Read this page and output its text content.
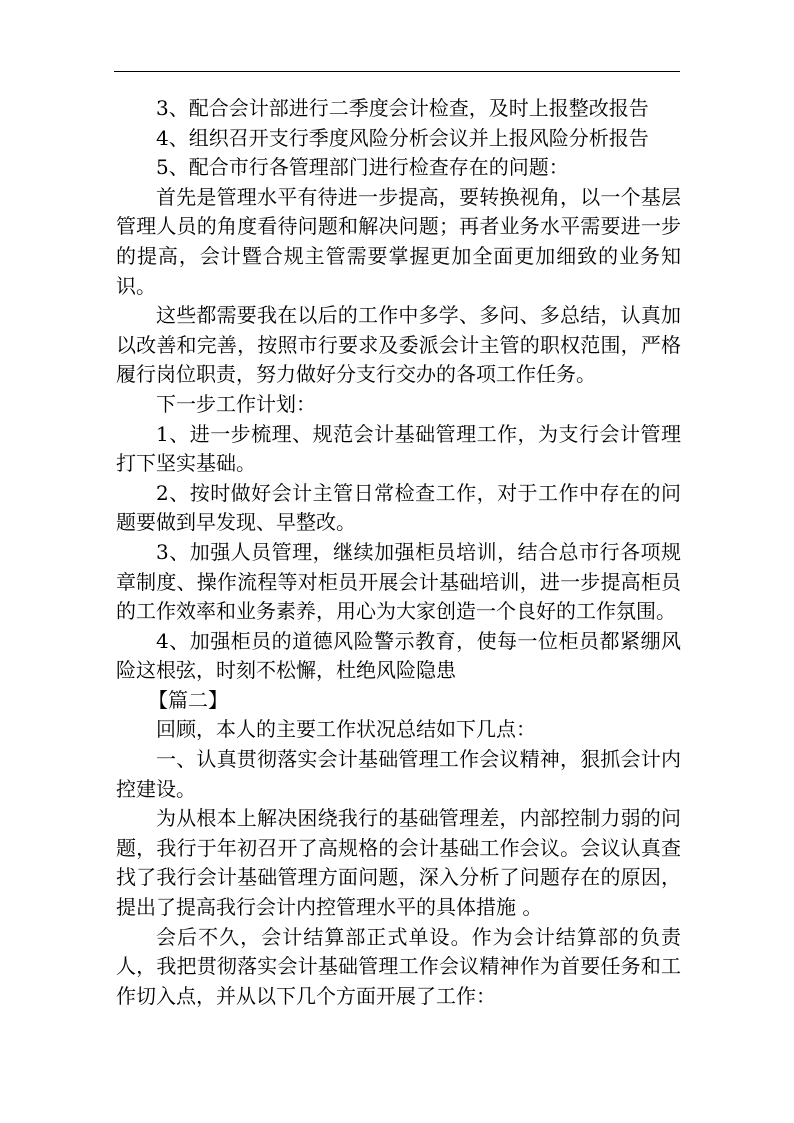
3、配合会计部进行二季度会计检查，及时上报整改报告

4、组织召开支行季度风险分析会议并上报风险分析报告

5、配合市行各管理部门进行检查存在的问题：

首先是管理水平有待进一步提高，要转换视角，以一个基层管理人员的角度看待问题和解决问题；再者业务水平需要进一步的提高，会计暨合规主管需要掌握更加全面更加细致的业务知识。

这些都需要我在以后的工作中多学、多问、多总结，认真加以改善和完善，按照市行要求及委派会计主管的职权范围，严格履行岗位职责，努力做好分支行交办的各项工作任务。

下一步工作计划：

1、进一步梳理、规范会计基础管理工作，为支行会计管理打下坚实基础。

2、按时做好会计主管日常检查工作，对于工作中存在的问题要做到早发现、早整改。

3、加强人员管理，继续加强柜员培训，结合总市行各项规章制度、操作流程等对柜员开展会计基础培训，进一步提高柜员的工作效率和业务素养，用心为大家创造一个良好的工作氛围。

4、加强柜员的道德风险警示教育，使每一位柜员都紧绷风险这根弦，时刻不松懈，杜绝风险隐患

【篇二】

回顾，本人的主要工作状况总结如下几点：

一、认真贯彻落实会计基础管理工作会议精神，狠抓会计内控建设。

为从根本上解决困绕我行的基础管理差，内部控制力弱的问题，我行于年初召开了高规格的会计基础工作会议。会议认真查找了我行会计基础管理方面问题，深入分析了问题存在的原因，提出了提高我行会计内控管理水平的具体措施 。

会后不久，会计结算部正式单设。作为会计结算部的负责人，我把贯彻落实会计基础管理工作会议精神作为首要任务和工作切入点，并从以下几个方面开展了工作：
